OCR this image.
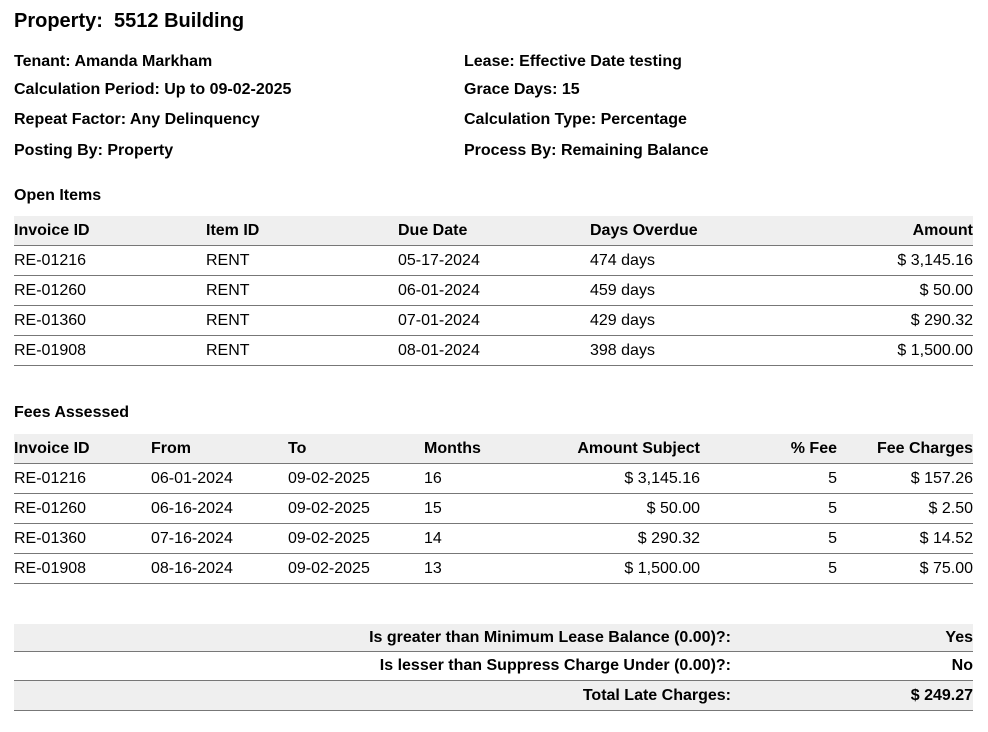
Property:  5512 Building
Tenant: Amanda Markham
Calculation Period: Up to 09-02-2025
Repeat Factor: Any Delinquency
Posting By: Property
Lease: Effective Date testing
Grace Days: 15
Calculation Type: Percentage
Process By: Remaining Balance
Open Items
Invoice ID	Item ID	Due Date	Days Overdue	Amount
RE-01216	RENT	05-17-2024	474 days	$ 3,145.16
RE-01260	RENT	06-01-2024	459 days	$ 50.00
RE-01360	RENT	07-01-2024	429 days	$ 290.32
RE-01908	RENT	08-01-2024	398 days	$ 1,500.00
Fees Assessed
Invoice ID	From	To	Months	Amount Subject	% Fee	Fee Charges
RE-01216	06-01-2024	09-02-2025	16	$ 3,145.16	5	$ 157.26
RE-01260	06-16-2024	09-02-2025	15	$ 50.00	5	$ 2.50
RE-01360	07-16-2024	09-02-2025	14	$ 290.32	5	$ 14.52
RE-01908	08-16-2024	09-02-2025	13	$ 1,500.00	5	$ 75.00
Is greater than Minimum Lease Balance (0.00)?:	Yes
Is lesser than Suppress Charge Under (0.00)?:	No
Total Late Charges:	$ 249.27
